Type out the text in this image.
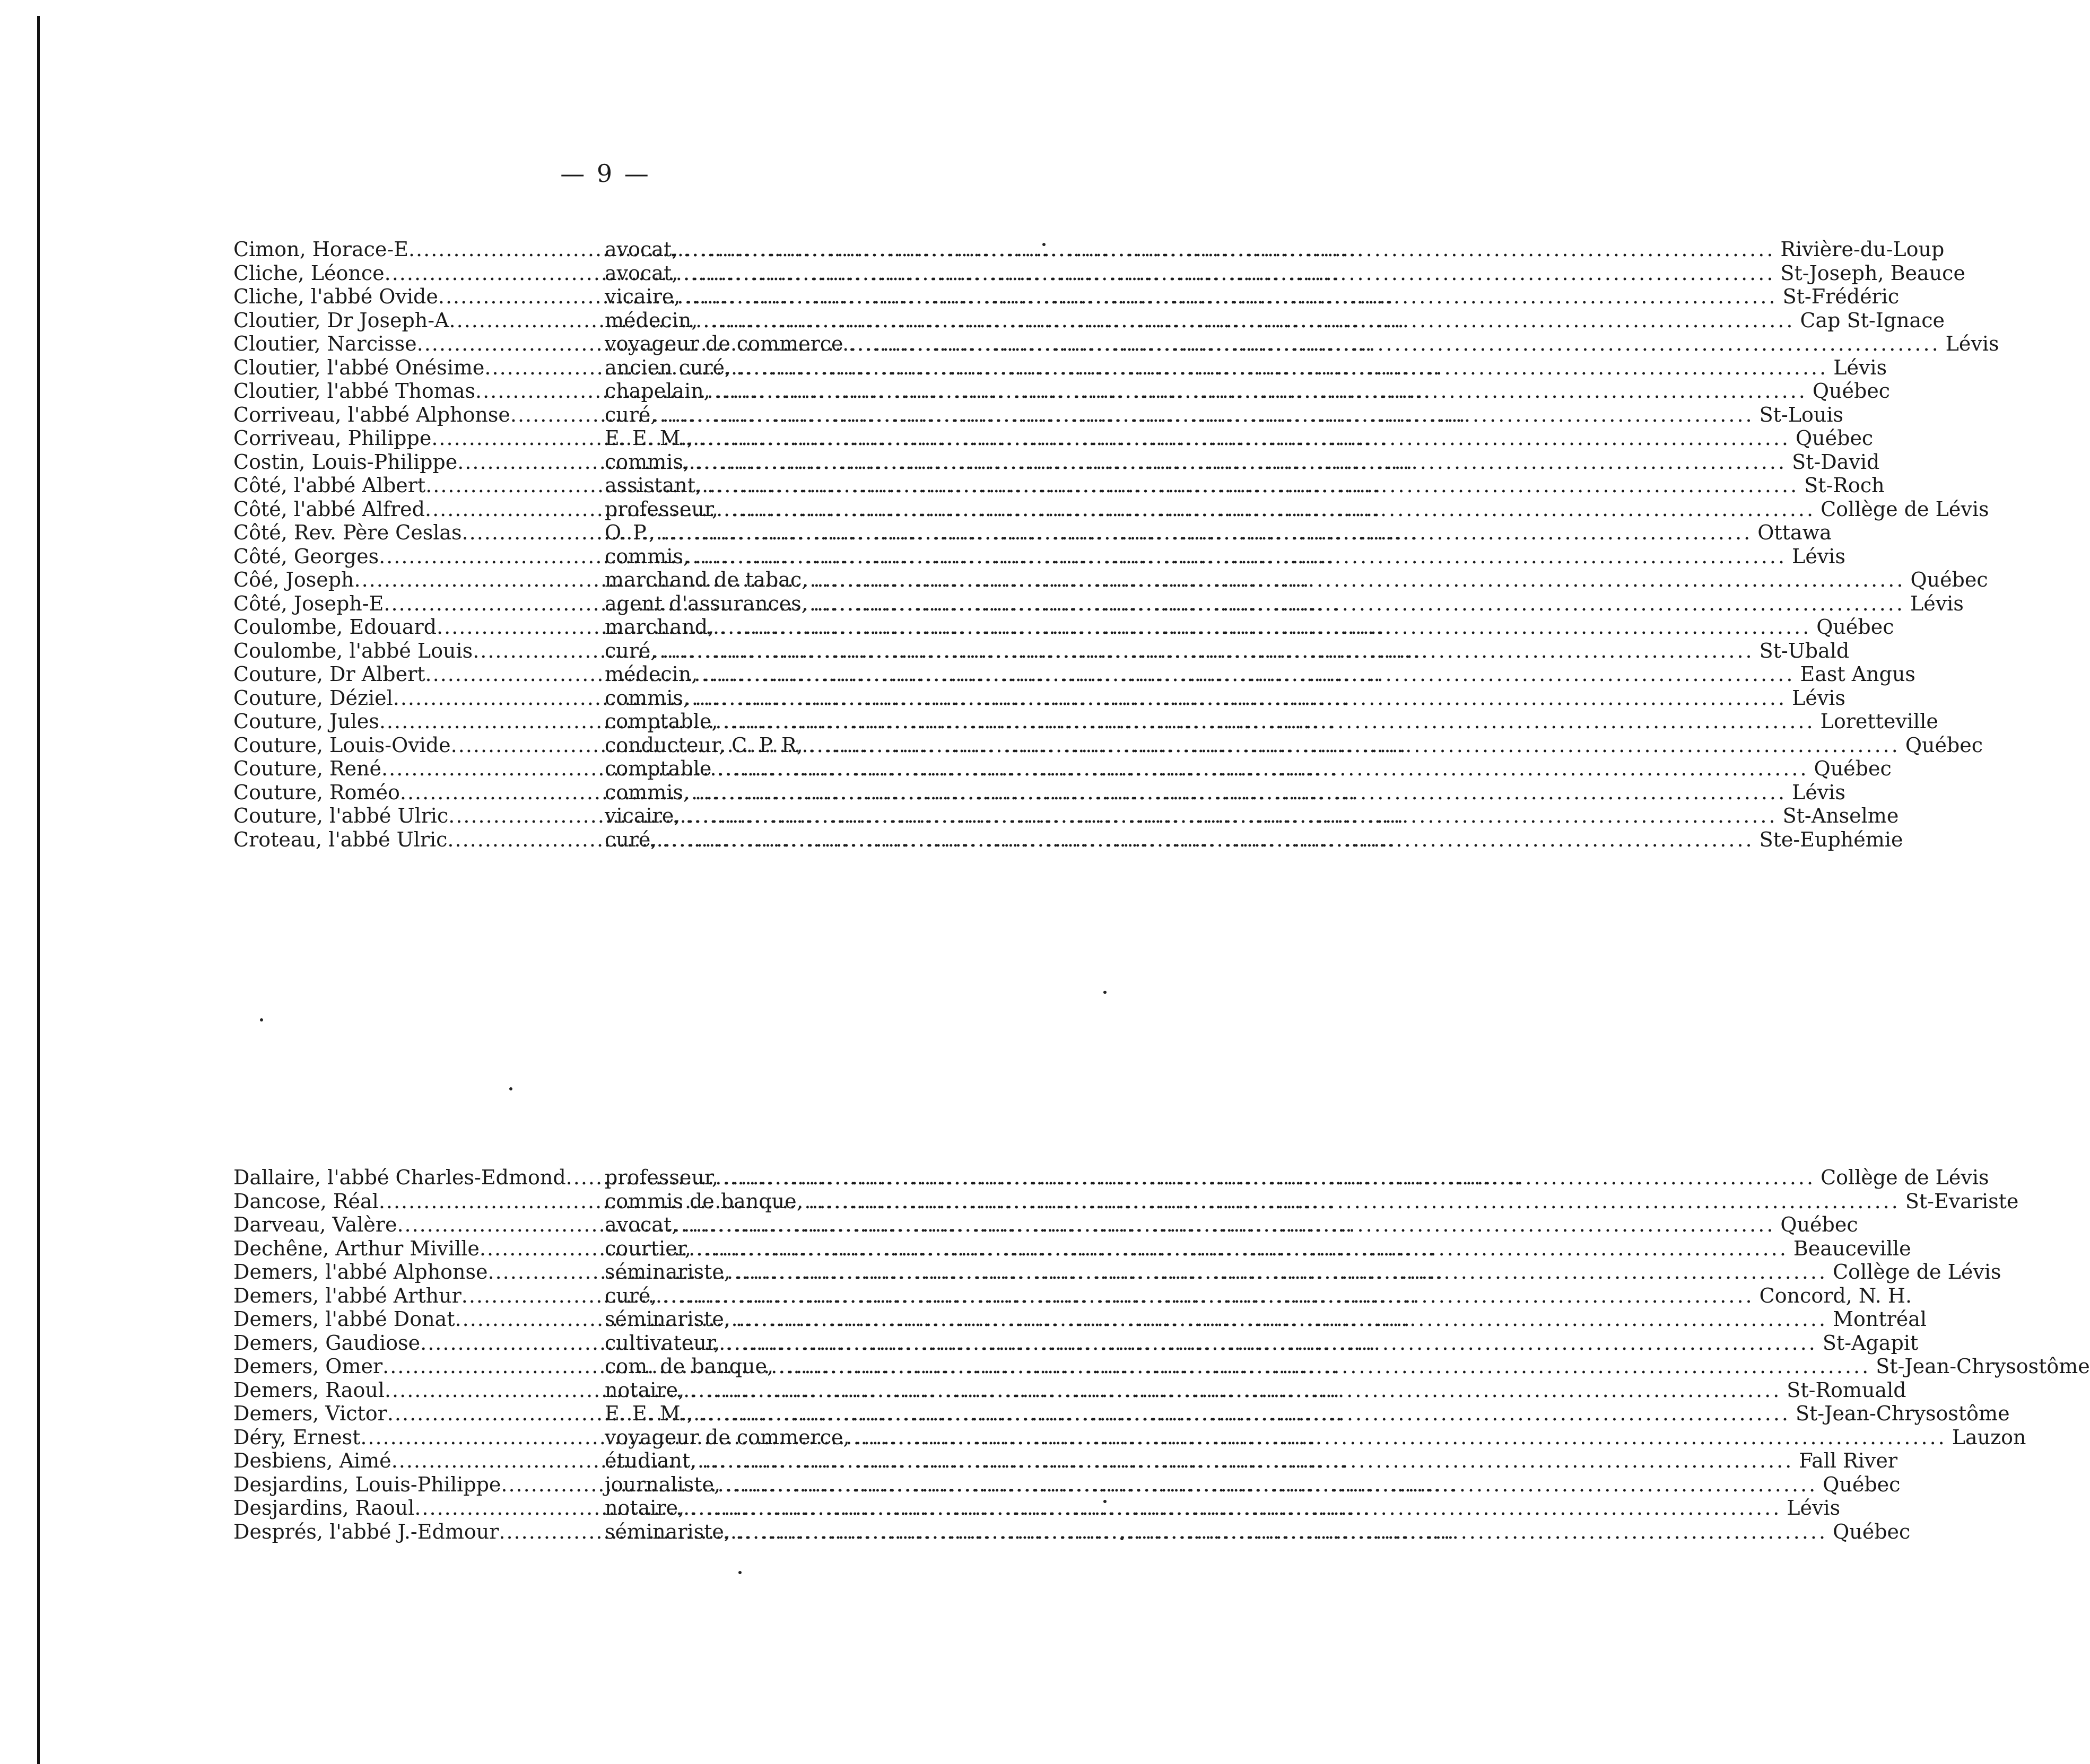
— 9 —
Cimon, Horace-E .....	avocat, .....	Rivière-du-Loup
Cliche, Léonce .....	avocat, .....	St-Joseph, Beauce
Cliche, l'abbé Ovide .....	vicaire, .....	St-Frédéric
Cloutier, Dr Joseph-A .....	médecin, .....	Cap St-Ignace
Cloutier, Narcisse .....	voyageur de commerce .....	Lévis
Cloutier, l'abbé Onésime .....	ancien curé, .....	Lévis
Cloutier, l'abbé Thomas .....	chapelain, .....	Québec
Corriveau, l'abbé Alphonse .....	curé, .....	St-Louis
Corriveau, Philippe .....	E. E. M., .....	Québec
Costin, Louis-Philippe .....	commis, .....	St-David
Côté, l'abbé Albert .....	assistant, .....	St-Roch
Côté, l'abbé Alfred .....	professeur, .....	Collège de Lévis
Côté, Rev. Père Ceslas .....	O. P., .....	Ottawa
Côté, Georges .....	commis, .....	Lévis
Côé, Joseph .....	marchand de tabac, .....	Québec
Côté, Joseph-E .....	agent d'assurances, .....	Lévis
Coulombe, Edouard .....	marchand, .....	Québec
Coulombe, l'abbé Louis .....	curé, .....	St-Ubald
Couture, Dr Albert .....	médecin, .....	East Angus
Couture, Déziel .....	commis, .....	Lévis
Couture, Jules .....	comptable, .....	Loretteville
Couture, Louis-Ovide .....	conducteur, C. P. R, .....	Québec
Couture, René .....	comptable .....	Québec
Couture, Roméo .....	commis, .....	Lévis
Couture, l'abbé Ulric .....	vicaire, .....	St-Anselme
Croteau, l'abbé Ulric .....	curé, .....	Ste-Euphémie
Dallaire, l'abbé Charles-Edmond ..... professeur, .....	Collège de Lévis
Dancose, Réal .....	commis de banque, .....	St-Evariste
Darveau, Valère .....	avocat, .....	Québec
Dechêne, Arthur Miville .....	courtier, .....	Beauceville
Demers, l'abbé Alphonse .....	séminariste, .....	Collège de Lévis
Demers, l'abbé Arthur .....	curé, .....	Concord, N. H.
Demers, l'abbé Donat .....	séminariste, .....	Montréal
Demers, Gaudiose .....	cultivateur, .....	St-Agapit
Demers, Omer .....	com. de banque, .....	St-Jean-Chrysostôme
Demers, Raoul .....	notaire, .....	St-Romuald
Demers, Victor .....	E. E. M., .....	St-Jean-Chrysostôme
Déry, Ernest .....	voyageur de commerce, .....	Lauzon
Desbiens, Aimé .....	étudiant, .....	Fall River
Desjardins, Louis-Philippe .....	journaliste, .....	Québec
Desjardins, Raoul .....	notaire, .....	Lévis
Després, l'abbé J.-Edmour .....	séminariste, .....	Québec
